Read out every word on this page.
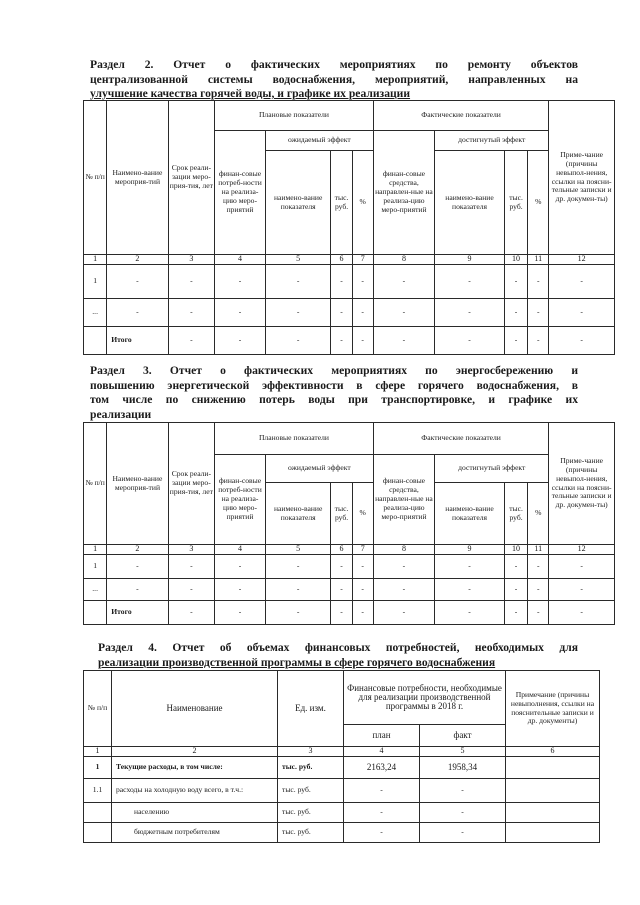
Раздел 2. Отчет о фактических мероприятиях по ремонту объектов
централизованной системы водоснабжения, мероприятий, направленных на
улучшение качества горячей воды, и графике их реализации
№ п/п	Наимено-вание мероприя-тий	Срок реали-зации меро-прия-тия, лет	Плановые показатели				Фактические показатели				Приме-чание (причины невыпол-нения, ссылки на поясни-тельные записки и др. докумен-ты)
			финан-совые потреб-ности на реализа-цию меро-приятий	ожидаемый эффект			финан-совые средства, направлен-ные на реализа-цию меро-приятий	достигнутый эффект			
				наимено-вание показателя	тыс. руб.	%		наимено-вание показателя	тыс. руб.	%	
1	2	3	4	5	6	7	8	9	10	11	12
1	-	-	-	-	-	-	-	-	-	-	-
...	-	-	-	-	-	-	-	-	-	-	-
	Итого	-	-	-	-	-	-	-	-	-	-
Раздел 3. Отчет о фактических мероприятиях по энергосбережению и
повышению энергетической эффективности в сфере горячего водоснабжения, в
том числе по снижению потерь воды при транспортировке, и графике их
реализации
№ п/п	Наимено-вание мероприя-тий	Срок реали-зации меро-прия-тия, лет	Плановые показатели				Фактические показатели				Приме-чание (причины невыпол-нения, ссылки на поясни-тельные записки и др. докумен-ты)
			финан-совые потреб-ности на реализа-цию меро-приятий	ожидаемый эффект			финан-совые средства, направлен-ные на реализа-цию меро-приятий	достигнутый эффект			
				наимено-вание показателя	тыс. руб.	%		наимено-вание показателя	тыс. руб.	%	
1	2	3	4	5	6	7	8	9	10	11	12
1	-	-	-	-	-	-	-	-	-	-	-
...	-	-	-	-	-	-	-	-	-	-	-
	Итого	-	-	-	-	-	-	-	-	-	-
Раздел 4. Отчет об объемах финансовых потребностей, необходимых для
реализации производственной программы в сфере горячего водоснабжения
№ п/п	Наименование	Ед. изм.	Финансовые потребности, необходимые для реализации производственной программы в 2018 г.		Примечание (причины невыполнения, ссылки на пояснительные записки и др. документы)
			план	факт	
1	2	3	4	5	6
1	Текущие расходы, в том числе:	тыс. руб.	2163,24	1958,34	
1.1	расходы на холодную воду всего, в т.ч.:	тыс. руб.	-	-	
	населению	тыс. руб.	-	-	
	бюджетным потребителям	тыс. руб.	-	-	
